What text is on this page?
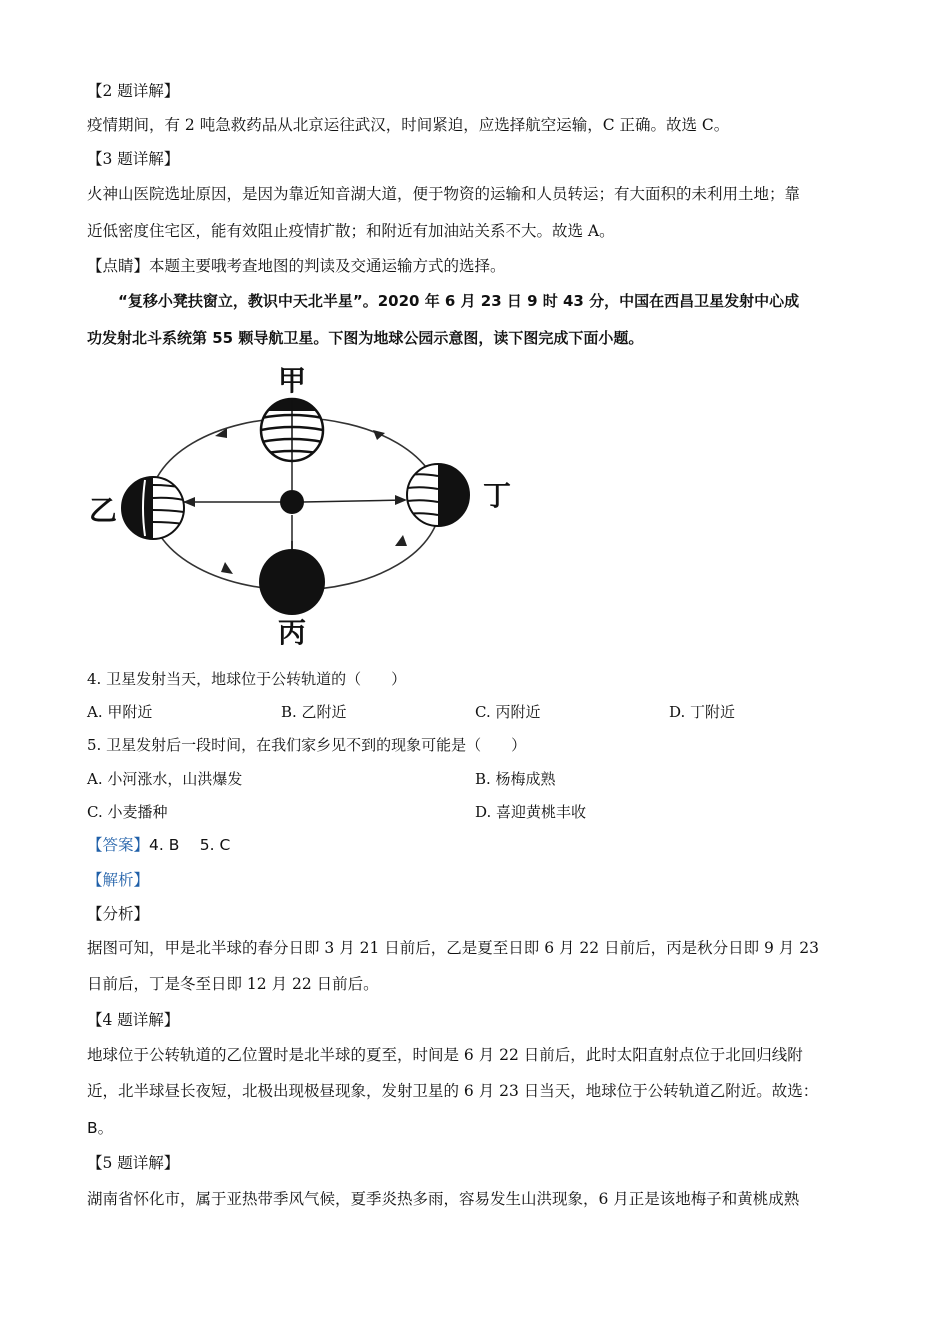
【2 题详解】
疫情期间，有 2 吨急救药品从北京运往武汉，时间紧迫，应选择航空运输，C 正确。故选 C。
【3 题详解】
火神山医院选址原因，是因为靠近知音湖大道，便于物资的运输和人员转运；有大面积的未利用土地；靠
近低密度住宅区，能有效阻止疫情扩散；和附近有加油站关系不大。故选 A。
【点睛】本题主要哦考查地图的判读及交通运输方式的选择。
“复移小凳扶窗立，教识中天北半星”。2020 年 6 月 23 日 9 时 43 分，中国在西昌卫星发射中心成
功发射北斗系统第 55 颗导航卫星。下图为地球公园示意图，读下图完成下面小题。
甲
乙
丙
丁
4. 卫星发射当天，地球位于公转轨道的（　　）
A. 甲附近	B. 乙附近	C. 丙附近	D. 丁附近
5. 卫星发射后一段时间，在我们家乡见不到的现象可能是（　　）
A. 小河涨水，山洪爆发	B. 杨梅成熟
C. 小麦播种	D. 喜迎黄桃丰收
【答案】4. B　 5. C
【解析】
【分析】
据图可知，甲是北半球的春分日即 3 月 21 日前后，乙是夏至日即 6 月 22 日前后，丙是秋分日即 9 月 23
日前后，丁是冬至日即 12 月 22 日前后。
【4 题详解】
地球位于公转轨道的乙位置时是北半球的夏至，时间是 6 月 22 日前后，此时太阳直射点位于北回归线附
近，北半球昼长夜短，北极出现极昼现象，发射卫星的 6 月 23 日当天，地球位于公转轨道乙附近。故选：
B。
【5 题详解】
湖南省怀化市，属于亚热带季风气候，夏季炎热多雨，容易发生山洪现象，6 月正是该地梅子和黄桃成熟
